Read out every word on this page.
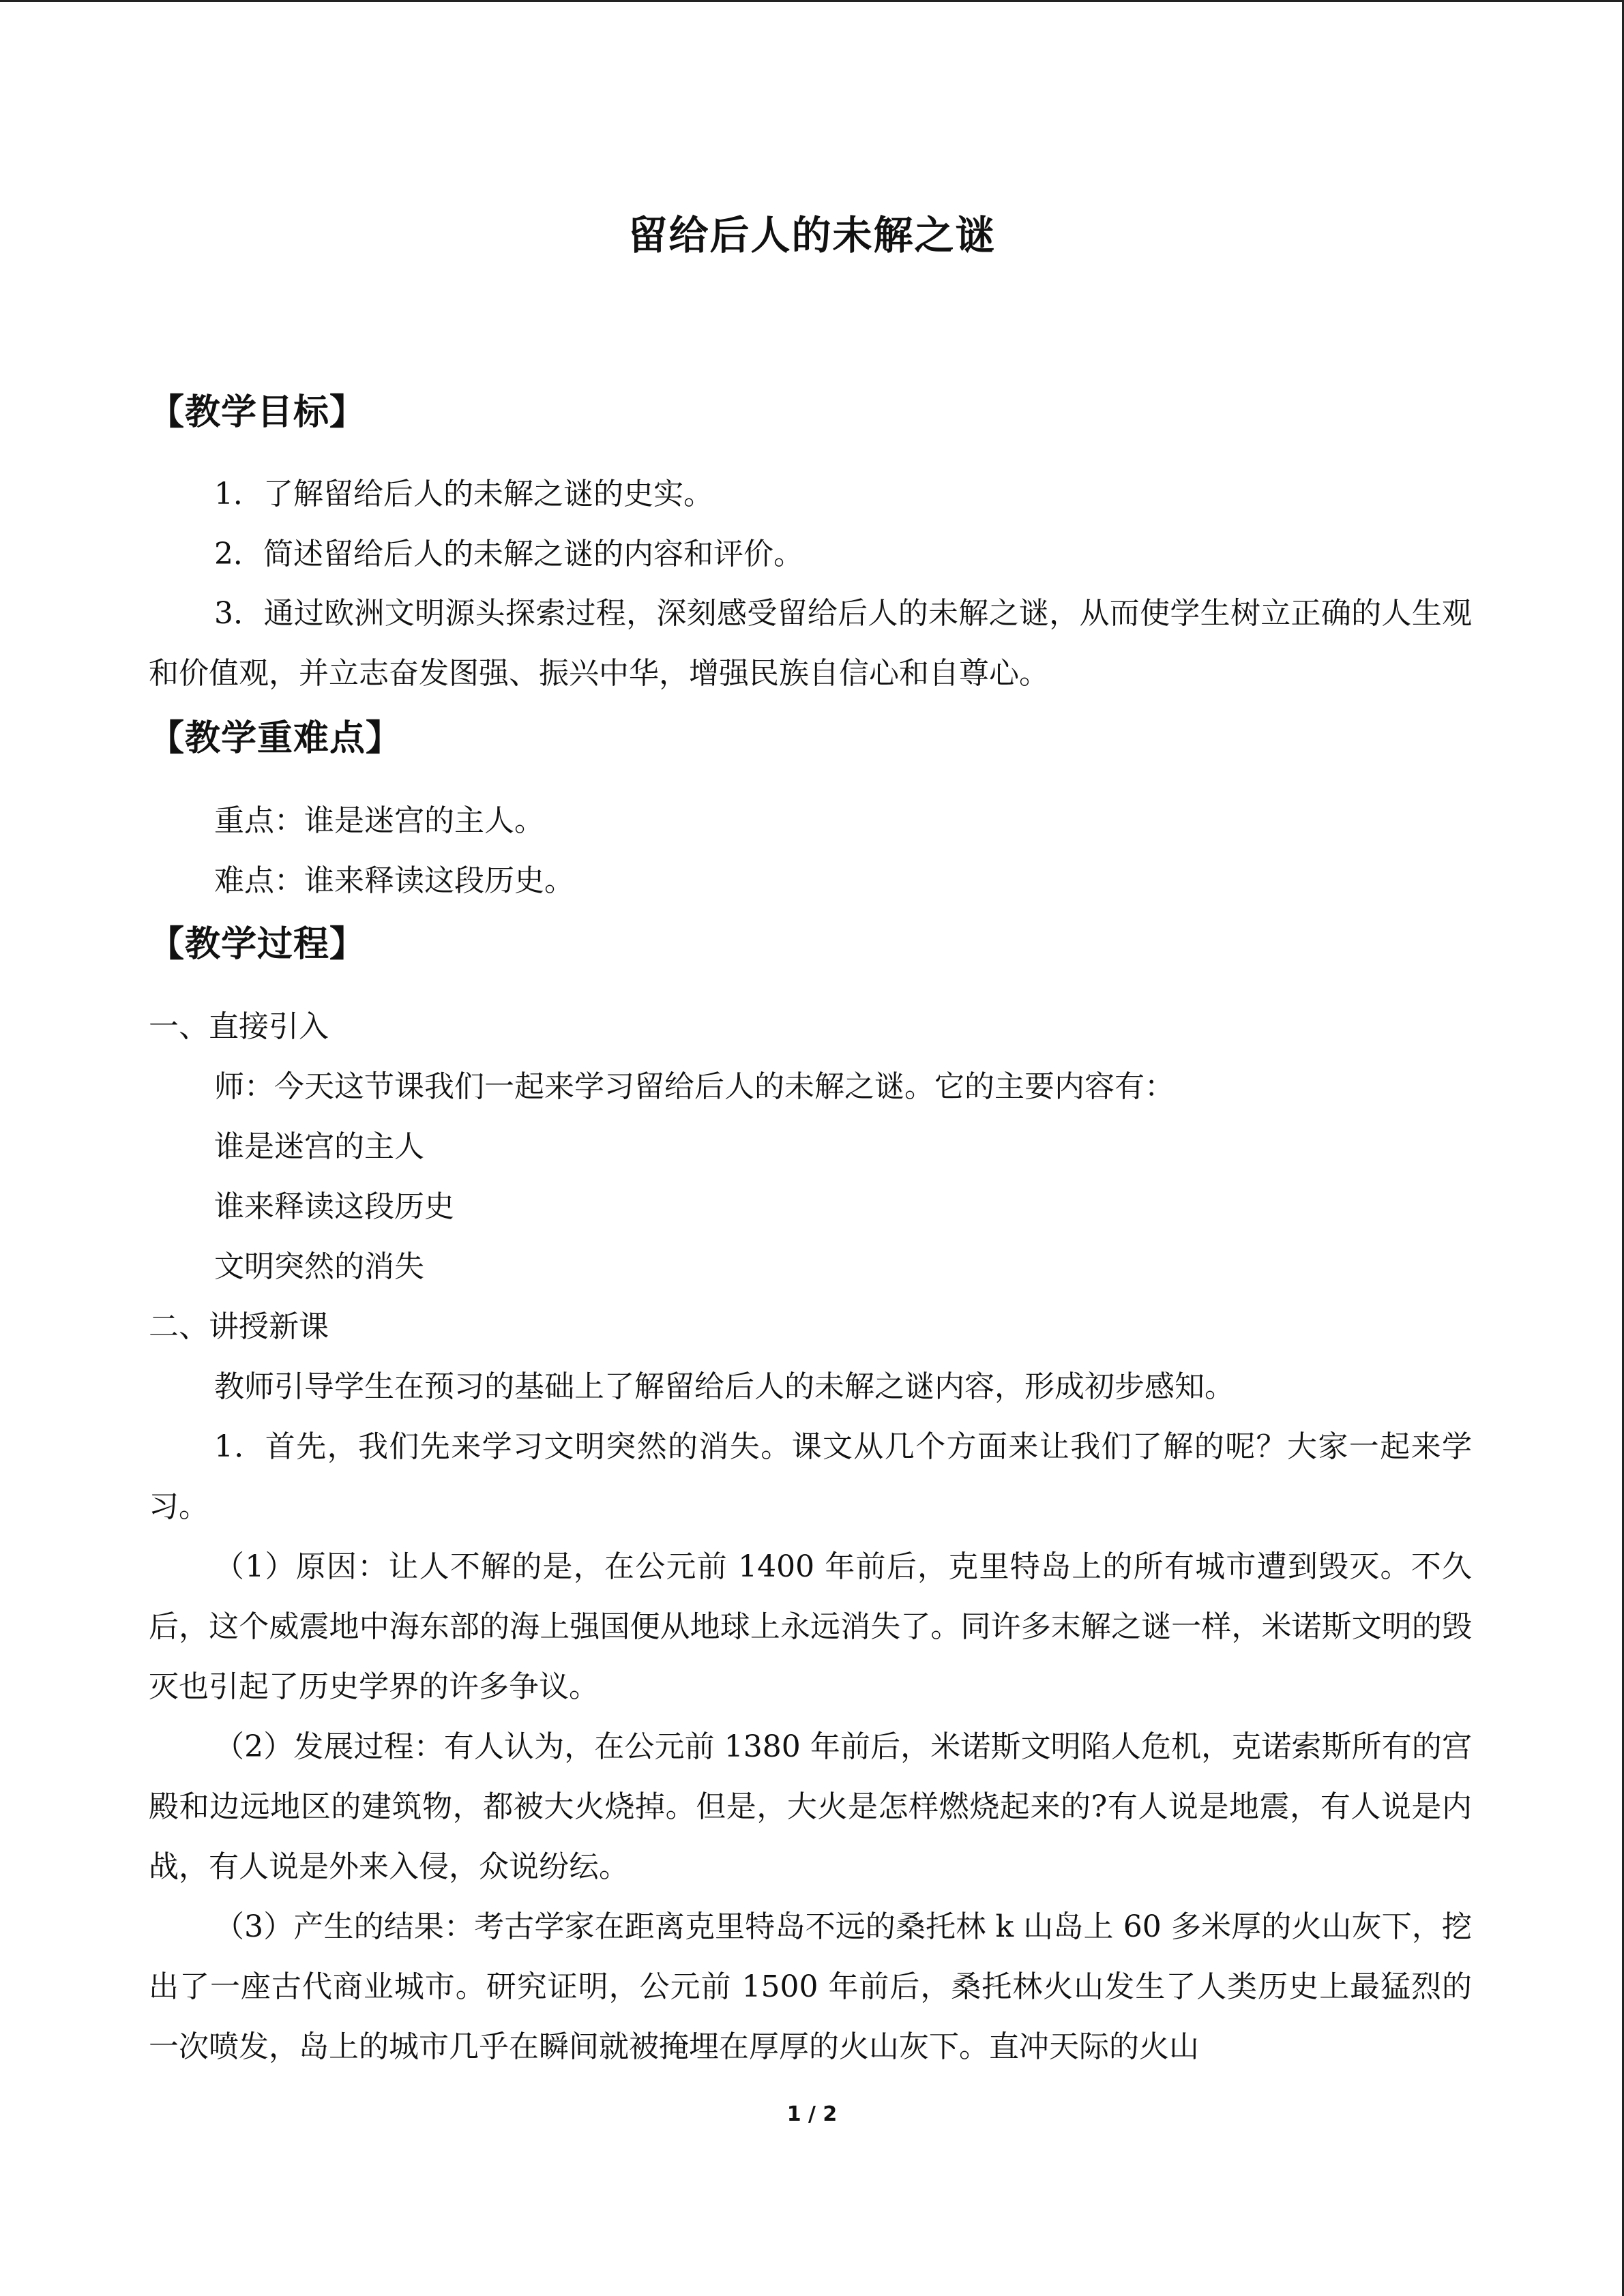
留给后人的未解之谜
【教学目标】
1．了解留给后人的未解之谜的史实。
2．简述留给后人的未解之谜的内容和评价。
3．通过欧洲文明源头探索过程，深刻感受留给后人的未解之谜，从而使学生树立正确的人生观和价值观，并立志奋发图强、振兴中华，增强民族自信心和自尊心。
【教学重难点】
重点：谁是迷宫的主人。
难点：谁来释读这段历史。
【教学过程】
一、直接引入
师：今天这节课我们一起来学习留给后人的未解之谜。它的主要内容有：
谁是迷宫的主人
谁来释读这段历史
文明突然的消失
二、讲授新课
教师引导学生在预习的基础上了解留给后人的未解之谜内容，形成初步感知。
1．首先，我们先来学习文明突然的消失。课文从几个方面来让我们了解的呢？大家一起来学习。
（1）原因：让人不解的是，在公元前 1400 年前后，克里特岛上的所有城市遭到毁灭。不久后，这个威震地中海东部的海上强国便从地球上永远消失了。同许多末解之谜一样，米诺斯文明的毁灭也引起了历史学界的许多争议。
（2）发展过程：有人认为，在公元前 1380 年前后，米诺斯文明陷人危机，克诺索斯所有的宫殿和边远地区的建筑物，都被大火烧掉。但是，大火是怎样燃烧起来的?有人说是地震，有人说是内战，有人说是外来入侵，众说纷纭。
（3）产生的结果：考古学家在距离克里特岛不远的桑托林 k 山岛上 60 多米厚的火山灰下，挖出了一座古代商业城市。研究证明，公元前 1500 年前后，桑托林火山发生了人类历史上最猛烈的一次喷发，岛上的城市几乎在瞬间就被掩埋在厚厚的火山灰下。直冲天际的火山
1 / 2
